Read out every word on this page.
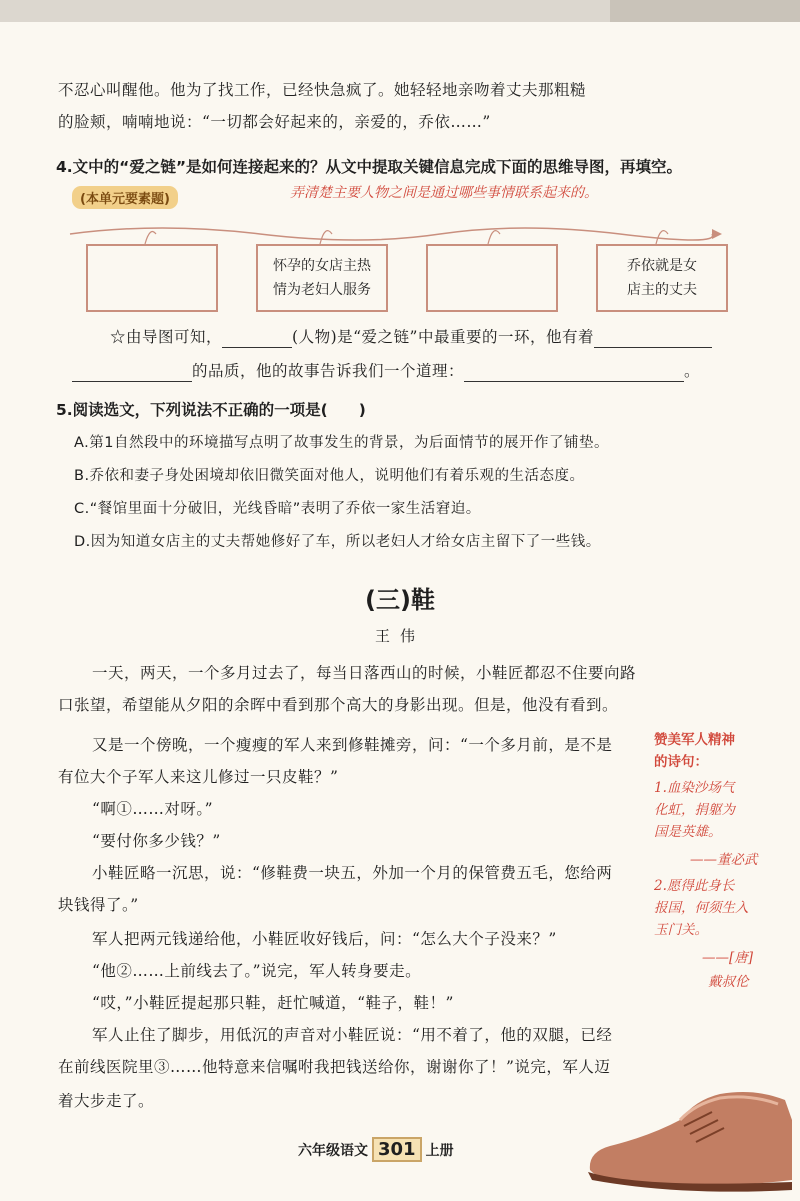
不忍心叫醒他。他为了找工作，已经快急疯了。她轻轻地亲吻着丈夫那粗糙
的脸颊，喃喃地说：“一切都会好起来的，亲爱的，乔依……”
4.文中的“爱之链”是如何连接起来的？从文中提取关键信息完成下面的思维导图，再填空。
(本单元要素题)	弄清楚主要人物之间是通过哪些事情联系起来的。
怀孕的女店主热
情为老妇人服务
乔依就是女
店主的丈夫
☆由导图可知，	(人物)是“爱之链”中最重要的一环，他有着
的品质，他的故事告诉我们一个道理：	。
5.阅读选文，下列说法不正确的一项是(　　)
A.第1自然段中的环境描写点明了故事发生的背景，为后面情节的展开作了铺垫。
B.乔依和妻子身处困境却依旧微笑面对他人，说明他们有着乐观的生活态度。
C.“餐馆里面十分破旧，光线昏暗”表明了乔依一家生活窘迫。
D.因为知道女店主的丈夫帮她修好了车，所以老妇人才给女店主留下了一些钱。
(三)鞋
王伟
一天，两天，一个多月过去了，每当日落西山的时候，小鞋匠都忍不住要向路
口张望，希望能从夕阳的余晖中看到那个高大的身影出现。但是，他没有看到。
又是一个傍晚，一个瘦瘦的军人来到修鞋摊旁，问：“一个多月前，是不是
有位大个子军人来这儿修过一只皮鞋？”
“啊①……对呀。”
“要付你多少钱？”
小鞋匠略一沉思，说：“修鞋费一块五，外加一个月的保管费五毛，您给两
块钱得了。”
军人把两元钱递给他，小鞋匠收好钱后，问：“怎么大个子没来？”
“他②……上前线去了。”说完，军人转身要走。
“哎，”小鞋匠提起那只鞋，赶忙喊道，“鞋子，鞋！”
军人止住了脚步，用低沉的声音对小鞋匠说：“用不着了，他的双腿，已经
在前线医院里③……他特意来信嘱咐我把钱送给你，谢谢你了！”说完，军人迈
着大步走了。
赞美军人精神
的诗句：
1.血染沙场气
化虹，捐躯为
国是英雄。
——董必武
2.愿得此身长
报国，何须生入
玉门关。
——[唐]
戴叔伦
六年级语文 301 上册
